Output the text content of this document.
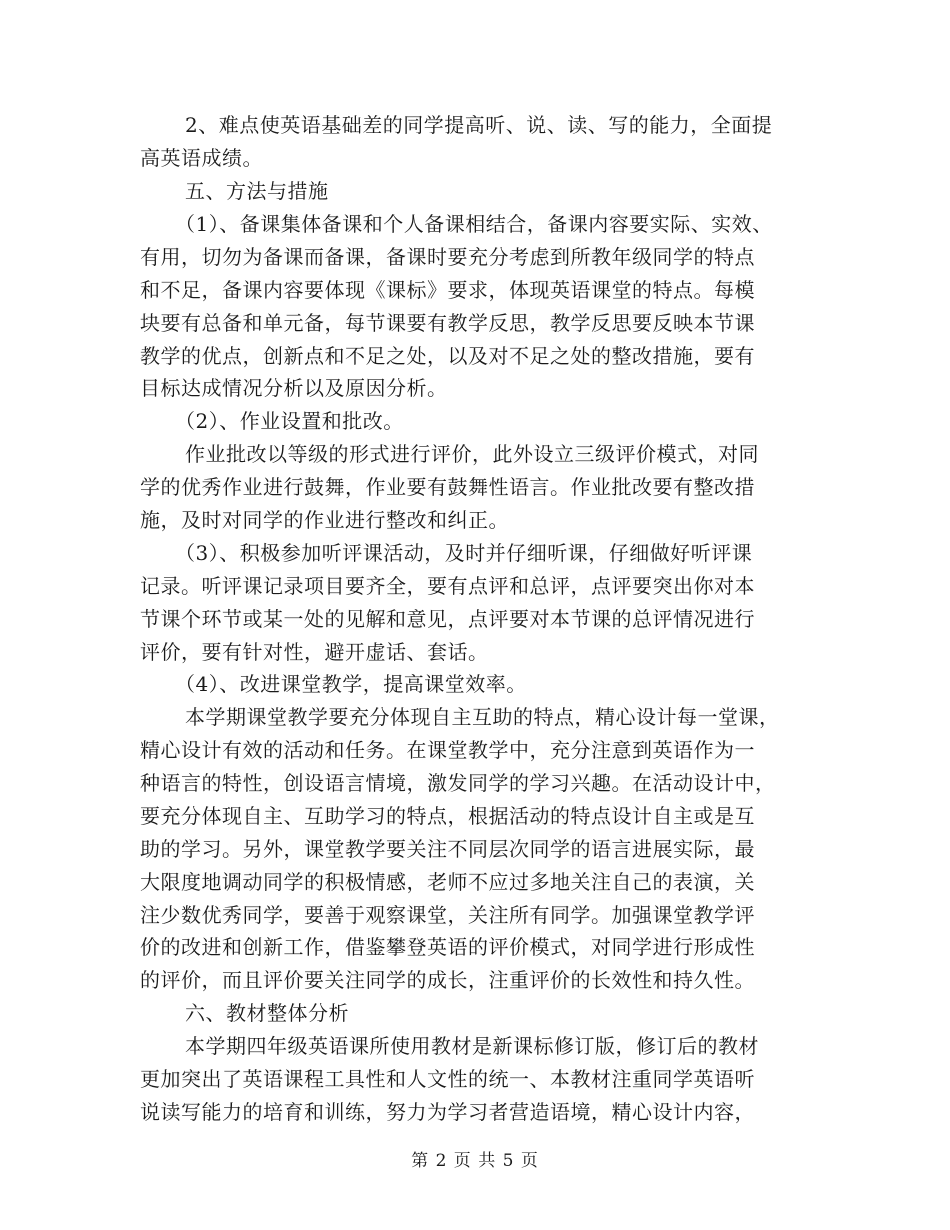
2、难点使英语基础差的同学提高听、说、读、写的能力，全面提
高英语成绩。
五、方法与措施
（1）、备课集体备课和个人备课相结合，备课内容要实际、实效、
有用，切勿为备课而备课，备课时要充分考虑到所教年级同学的特点
和不足，备课内容要体现《课标》要求，体现英语课堂的特点。每模
块要有总备和单元备，每节课要有教学反思，教学反思要反映本节课
教学的优点，创新点和不足之处，以及对不足之处的整改措施，要有
目标达成情况分析以及原因分析。
（2）、作业设置和批改。
作业批改以等级的形式进行评价，此外设立三级评价模式，对同
学的优秀作业进行鼓舞，作业要有鼓舞性语言。作业批改要有整改措
施，及时对同学的作业进行整改和纠正。
（3）、积极参加听评课活动，及时并仔细听课，仔细做好听评课
记录。听评课记录项目要齐全，要有点评和总评，点评要突出你对本
节课个环节或某一处的见解和意见，点评要对本节课的总评情况进行
评价，要有针对性，避开虚话、套话。
（4）、改进课堂教学，提高课堂效率。
本学期课堂教学要充分体现自主互助的特点，精心设计每一堂课，
精心设计有效的活动和任务。在课堂教学中，充分注意到英语作为一
种语言的特性，创设语言情境，激发同学的学习兴趣。在活动设计中，
要充分体现自主、互助学习的特点，根据活动的特点设计自主或是互
助的学习。另外，课堂教学要关注不同层次同学的语言进展实际，最
大限度地调动同学的积极情感，老师不应过多地关注自己的表演，关
注少数优秀同学，要善于观察课堂，关注所有同学。加强课堂教学评
价的改进和创新工作，借鉴攀登英语的评价模式，对同学进行形成性
的评价，而且评价要关注同学的成长，注重评价的长效性和持久性。
六、教材整体分析
本学期四年级英语课所使用教材是新课标修订版，修订后的教材
更加突出了英语课程工具性和人文性的统一、本教材注重同学英语听
说读写能力的培育和训练，努力为学习者营造语境，精心设计内容，
第 2 页 共 5 页
